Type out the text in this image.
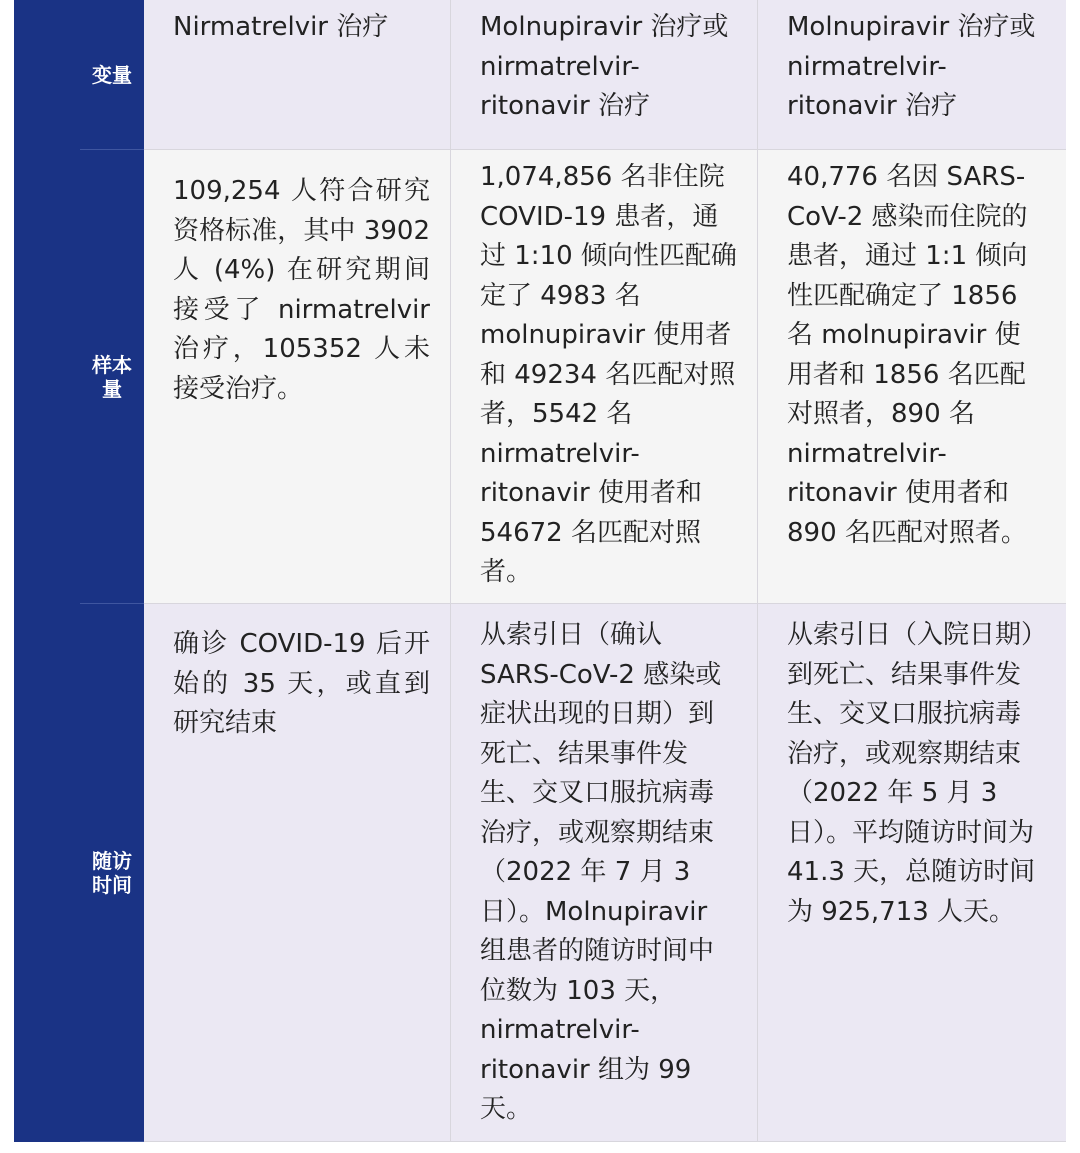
变量
Nirmatrelvir 治疗	Molnupiravir 治疗或 nirmatrelvir-ritonavir 治疗
Molnupiravir 治疗或 nirmatrelvir-ritonavir 治疗
样本量
109,254 人符合研究资格标准，其中 3902 人 (4%) 在研究期间接受了 nirmatrelvir 治疗，105352 人未接受治疗。
1,074,856 名非住院 COVID-19 患者，通过 1:10 倾向性匹配确定了 4983 名 molnupiravir 使用者和 49234 名匹配对照者，5542 名 nirmatrelvir-ritonavir 使用者和 54672 名匹配对照者。
40,776 名因 SARS-CoV-2 感染而住院的患者，通过 1:1 倾向性匹配确定了 1856 名 molnupiravir 使用者和 1856 名匹配对照者，890 名 nirmatrelvir-ritonavir 使用者和 890 名匹配对照者。
随访时间
确诊 COVID-19 后开始的 35 天，或直到研究结束
从索引日（确认 SARS-CoV-2 感染或症状出现的日期）到死亡、结果事件发生、交叉口服抗病毒治疗，或观察期结束（2022 年 7 月 3 日）。Molnupiravir 组患者的随访时间中位数为 103 天，nirmatrelvir-ritonavir 组为 99 天。
从索引日（入院日期）到死亡、结果事件发生、交叉口服抗病毒治疗，或观察期结束（2022 年 5 月 3 日）。平均随访时间为 41.3 天，总随访时间为 925,713 人天。
